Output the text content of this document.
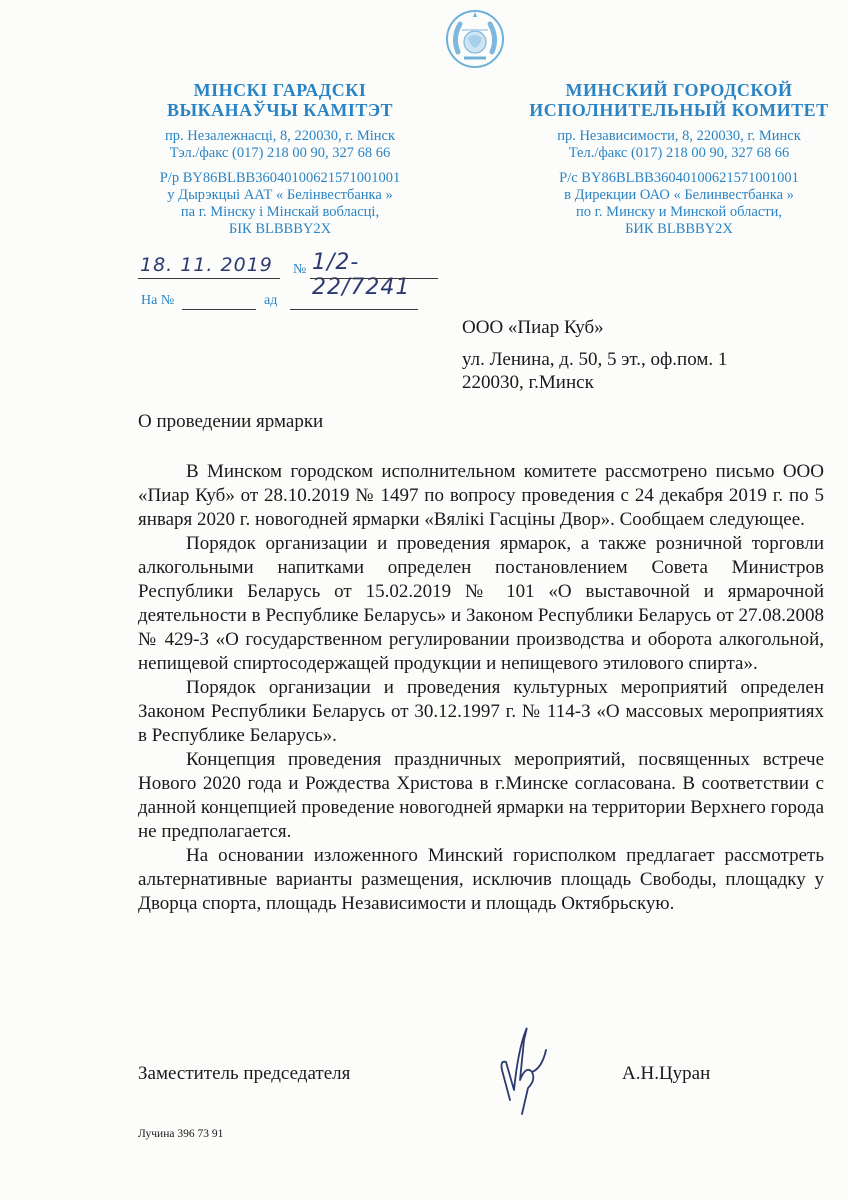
МІНСКІ ГАРАДСКІ
ВЫКАНАЎЧЫ КАМІТЭТ
пр. Незалежнасці, 8, 220030, г. Мінск
Тэл./факс (017) 218 00 90, 327 68 66
Р/р BY86BLBB36040100621571001001
у Дырэкцыі ААТ « Белінвестбанка »
па г. Мінску і Мінскай вобласці,
БІК BLBBBY2X
МИНСКИЙ ГОРОДСКОЙ
ИСПОЛНИТЕЛЬНЫЙ КОМИТЕТ
пр. Независимости, 8, 220030, г. Минск
Тел./факс (017) 218 00 90, 327 68 66
Р/с BY86BLBB36040100621571001001
в Дирекции ОАО « Белинвестбанка »
по г. Минску и Минской области,
БИК BLBBBY2X
18. 11. 2019 № 1/2-22/7241
На №	ад
ООО «Пиар Куб»
ул. Ленина, д. 50, 5 эт., оф.пом. 1
220030, г.Минск
О проведении ярмарки

В Минском городском исполнительном комитете рассмотрено письмо ООО «Пиар Куб» от 28.10.2019 № 1497 по вопросу проведения с 24 декабря 2019 г. по 5 января 2020 г. новогодней ярмарки «Вялікі Гасціны Двор». Сообщаем следующее.

Порядок организации и проведения ярмарок, а также розничной торговли алкогольными напитками определен постановлением Совета Министров Республики Беларусь от 15.02.2019 № 101 «О выставочной и ярмарочной деятельности в Республике Беларусь» и Законом Республики Беларусь от 27.08.2008 № 429-З «О государственном регулировании производства и оборота алкогольной, непищевой спиртосодержащей продукции и непищевого этилового спирта».

Порядок организации и проведения культурных мероприятий определен Законом Республики Беларусь от 30.12.1997 г. № 114-З «О массовых мероприятиях в Республике Беларусь».

Концепция проведения праздничных мероприятий, посвященных встрече Нового 2020 года и Рождества Христова в г.Минске согласована. В соответствии с данной концепцией проведение новогодней ярмарки на территории Верхнего города не предполагается.

На основании изложенного Минский горисполком предлагает рассмотреть альтернативные варианты размещения, исключив площадь Свободы, площадку у Дворца спорта, площадь Независимости и площадь Октябрьскую.

Заместитель председателя	А.Н.Цуран
Лучина 396 73 91
